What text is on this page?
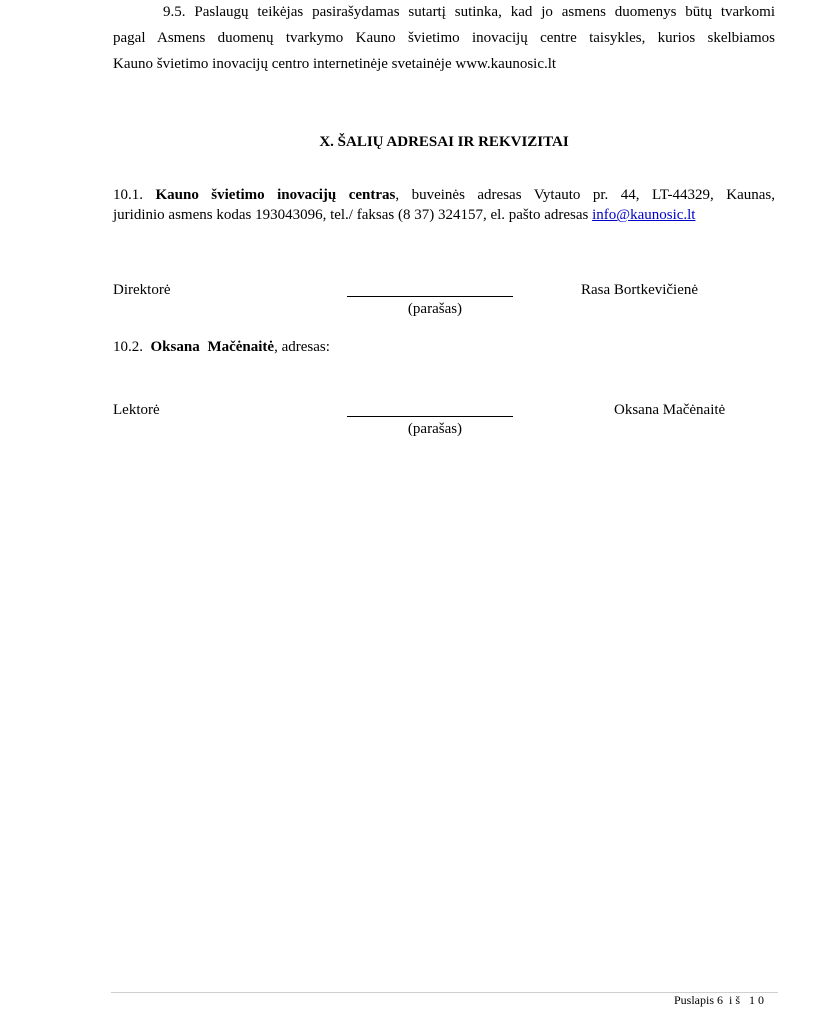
9.5. Paslaugų teikėjas pasirašydamas sutartį sutinka, kad jo asmens duomenys būtų tvarkomi
pagal Asmens duomenų tvarkymo Kauno švietimo inovacijų centre taisykles, kurios skelbiamos
Kauno švietimo inovacijų centro internetinėje svetainėje www.kaunosic.lt
X. ŠALIŲ ADRESAI IR REKVIZITAI
10.1. Kauno švietimo inovacijų centras, buveinės adresas Vytauto pr. 44, LT-44329, Kaunas,
juridinio asmens kodas 193043096, tel./ faksas (8 37) 324157, el. pašto adresas info@kaunosic.lt
Direktorė
(parašas)
Rasa Bortkevičienė
10.2. Oksana Mačėnaitė, adresas:
Lektorė
(parašas)
Oksana Mačėnaitė
Puslapis 6  i š   1 0
